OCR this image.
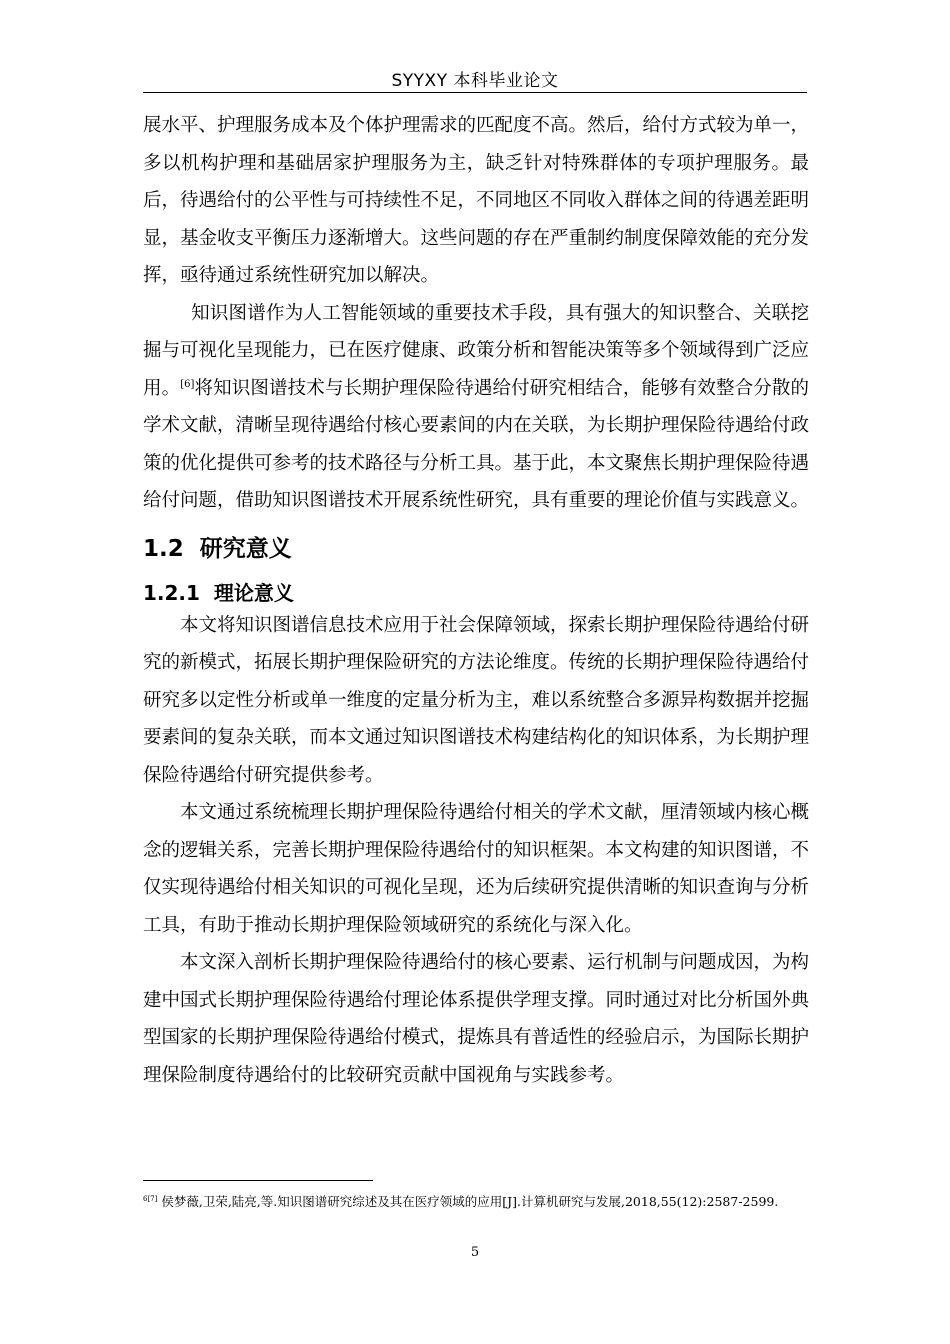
SYYXY 本科毕业论文

展水平、护理服务成本及个体护理需求的匹配度不高。然后，给付方式较为单一，多以机构护理和基础居家护理服务为主，缺乏针对特殊群体的专项护理服务。最后，待遇给付的公平性与可持续性不足，不同地区不同收入群体之间的待遇差距明显，基金收支平衡压力逐渐增大。这些问题的存在严重制约制度保障效能的充分发挥，亟待通过系统性研究加以解决。

知识图谱作为人工智能领域的重要技术手段，具有强大的知识整合、关联挖掘与可视化呈现能力，已在医疗健康、政策分析和智能决策等多个领域得到广泛应用。[6]将知识图谱技术与长期护理保险待遇给付研究相结合，能够有效整合分散的学术文献，清晰呈现待遇给付核心要素间的内在关联，为长期护理保险待遇给付政策的优化提供可参考的技术路径与分析工具。基于此，本文聚焦长期护理保险待遇给付问题，借助知识图谱技术开展系统性研究，具有重要的理论价值与实践意义。

1.2 研究意义
1.2.1 理论意义

本文将知识图谱信息技术应用于社会保障领域，探索长期护理保险待遇给付研究的新模式，拓展长期护理保险研究的方法论维度。传统的长期护理保险待遇给付研究多以定性分析或单一维度的定量分析为主，难以系统整合多源异构数据并挖掘要素间的复杂关联，而本文通过知识图谱技术构建结构化的知识体系，为长期护理保险待遇给付研究提供参考。

本文通过系统梳理长期护理保险待遇给付相关的学术文献，厘清领域内核心概念的逻辑关系，完善长期护理保险待遇给付的知识框架。本文构建的知识图谱，不仅实现待遇给付相关知识的可视化呈现，还为后续研究提供清晰的知识查询与分析工具，有助于推动长期护理保险领域研究的系统化与深入化。

本文深入剖析长期护理保险待遇给付的核心要素、运行机制与问题成因，为构建中国式长期护理保险待遇给付理论体系提供学理支撑。同时通过对比分析国外典型国家的长期护理保险待遇给付模式，提炼具有普适性的经验启示，为国际长期护理保险制度待遇给付的比较研究贡献中国视角与实践参考。

$^{6[7]}$ 侯梦薇,卫荣,陆亮,等.知识图谱研究综述及其在医疗领域的应用[J].计算机研究与发展,2018,55(12):2587-2599.
5
